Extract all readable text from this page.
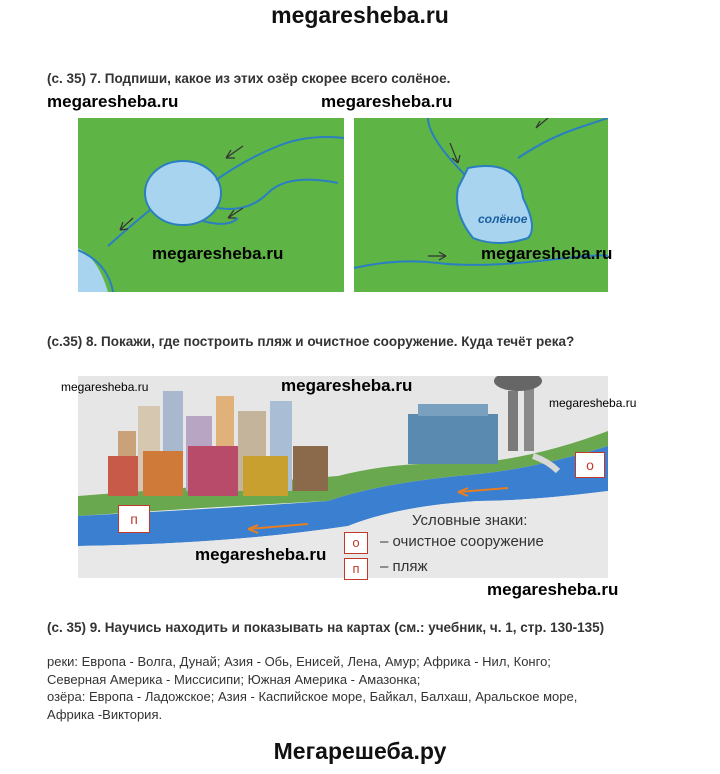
megaresheba.ru
(с. 35) 7. Подпиши, какое из этих озёр скорее всего солёное.
megaresheba.ru	megaresheba.ru
солёное
megaresheba.ru	megaresheba.ru
(с.35) 8. Покажи, где построить пляж и очистное сооружение. Куда течёт река?
о
п	Условные знаки:
о	– очистное сооружение
п	– пляж
megaresheba.ru	megaresheba.ru
megaresheba.ru
megaresheba.ru
megaresheba.ru
(с. 35) 9. Научись находить и показывать на картах (см.: учебник, ч. 1, стр. 130-135)
реки: Европа - Волга, Дунай; Азия - Обь, Енисей, Лена, Амур; Африка - Нил, Конго;
Северная Америка - Миссисипи; Южная Америка - Амазонка;
озёра: Европа - Ладожское; Азия - Каспийское море, Байкал, Балхаш, Аральское море,
Африка -Виктория.
Мегарешеба.ру
